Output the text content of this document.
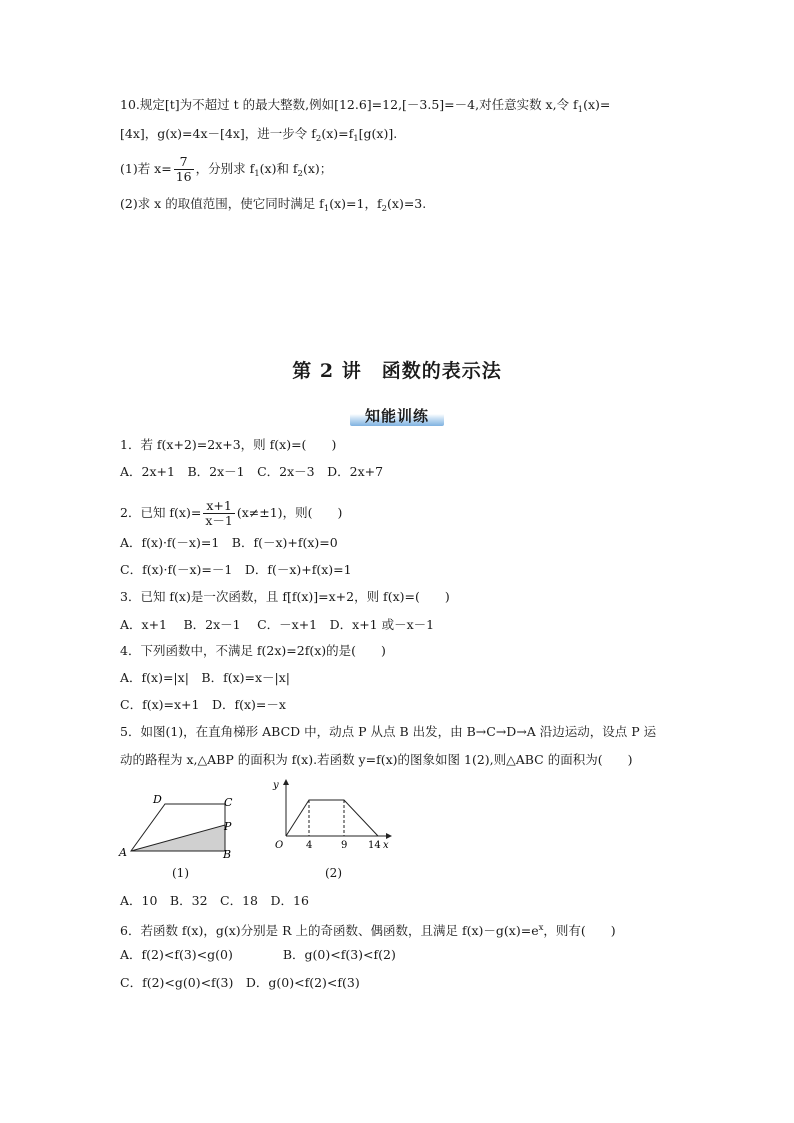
10.规定[t]为不超过 t 的最大整数,例如[12.6]=12,[－3.5]=－4,对任意实数 x,令 $f_1(x)=$
[4x]，g(x)=4x－[4x]，进一步令 $f_2(x)=f_1[g(x)]$.
(1)若 $x= \frac{7}{16}$ ，分别求 $f_1(x)$和 $f_2(x)$；
(2)求 x 的取值范围，使它同时满足 $f_1(x)=1$，$f_2(x)=3$.
第 2 讲　函数的表示法
知能训练
1．若 f(x+2)=2x+3，则 f(x)=(　　)
A．2x+1　B．2x－1　C．2x－3　D．2x+7
2．已知 $f(x)= \frac{x+1}{x-1} (x\ne\pm 1)$，则(　　)
A．f(x)·f(－x)=1　B．f(－x)+f(x)=0
C．f(x)·f(－x)=－1　D．f(－x)+f(x)=1
3．已知 f(x)是一次函数，且 f[f(x)]=x+2，则 f(x)=(　　)
A．x+1　 B．2x－1　 C．－x+1　D．x+1 或－x－1
4．下列函数中，不满足 f(2x)=2f(x)的是(　　)
A．f(x)=|x|　B．f(x)=x－|x|
C．f(x)=x+1　D．f(x)=－x
5．如图(1)，在直角梯形 ABCD 中，动点 P 从点 B 出发，由 B→C→D→A 沿边运动，设点 P 运
动的路程为 x,△ABP 的面积为 f(x).若函数 y=f(x)的图象如图 1(2),则△ABC 的面积为(　　)
D	C
P
A	B
(1)
y
x
O 4	9 14
(2)
A．10　B．32　C．18　D．16
6．若函数 f(x)，g(x)分别是 R 上的奇函数、偶函数，且满足 $f(x)-g(x)=e^x$，则有(　　)
A．f(2)<f(3)<g(0)　　　　B．g(0)<f(3)<f(2)
C．f(2)<g(0)<f(3)　D．g(0)<f(2)<f(3)
